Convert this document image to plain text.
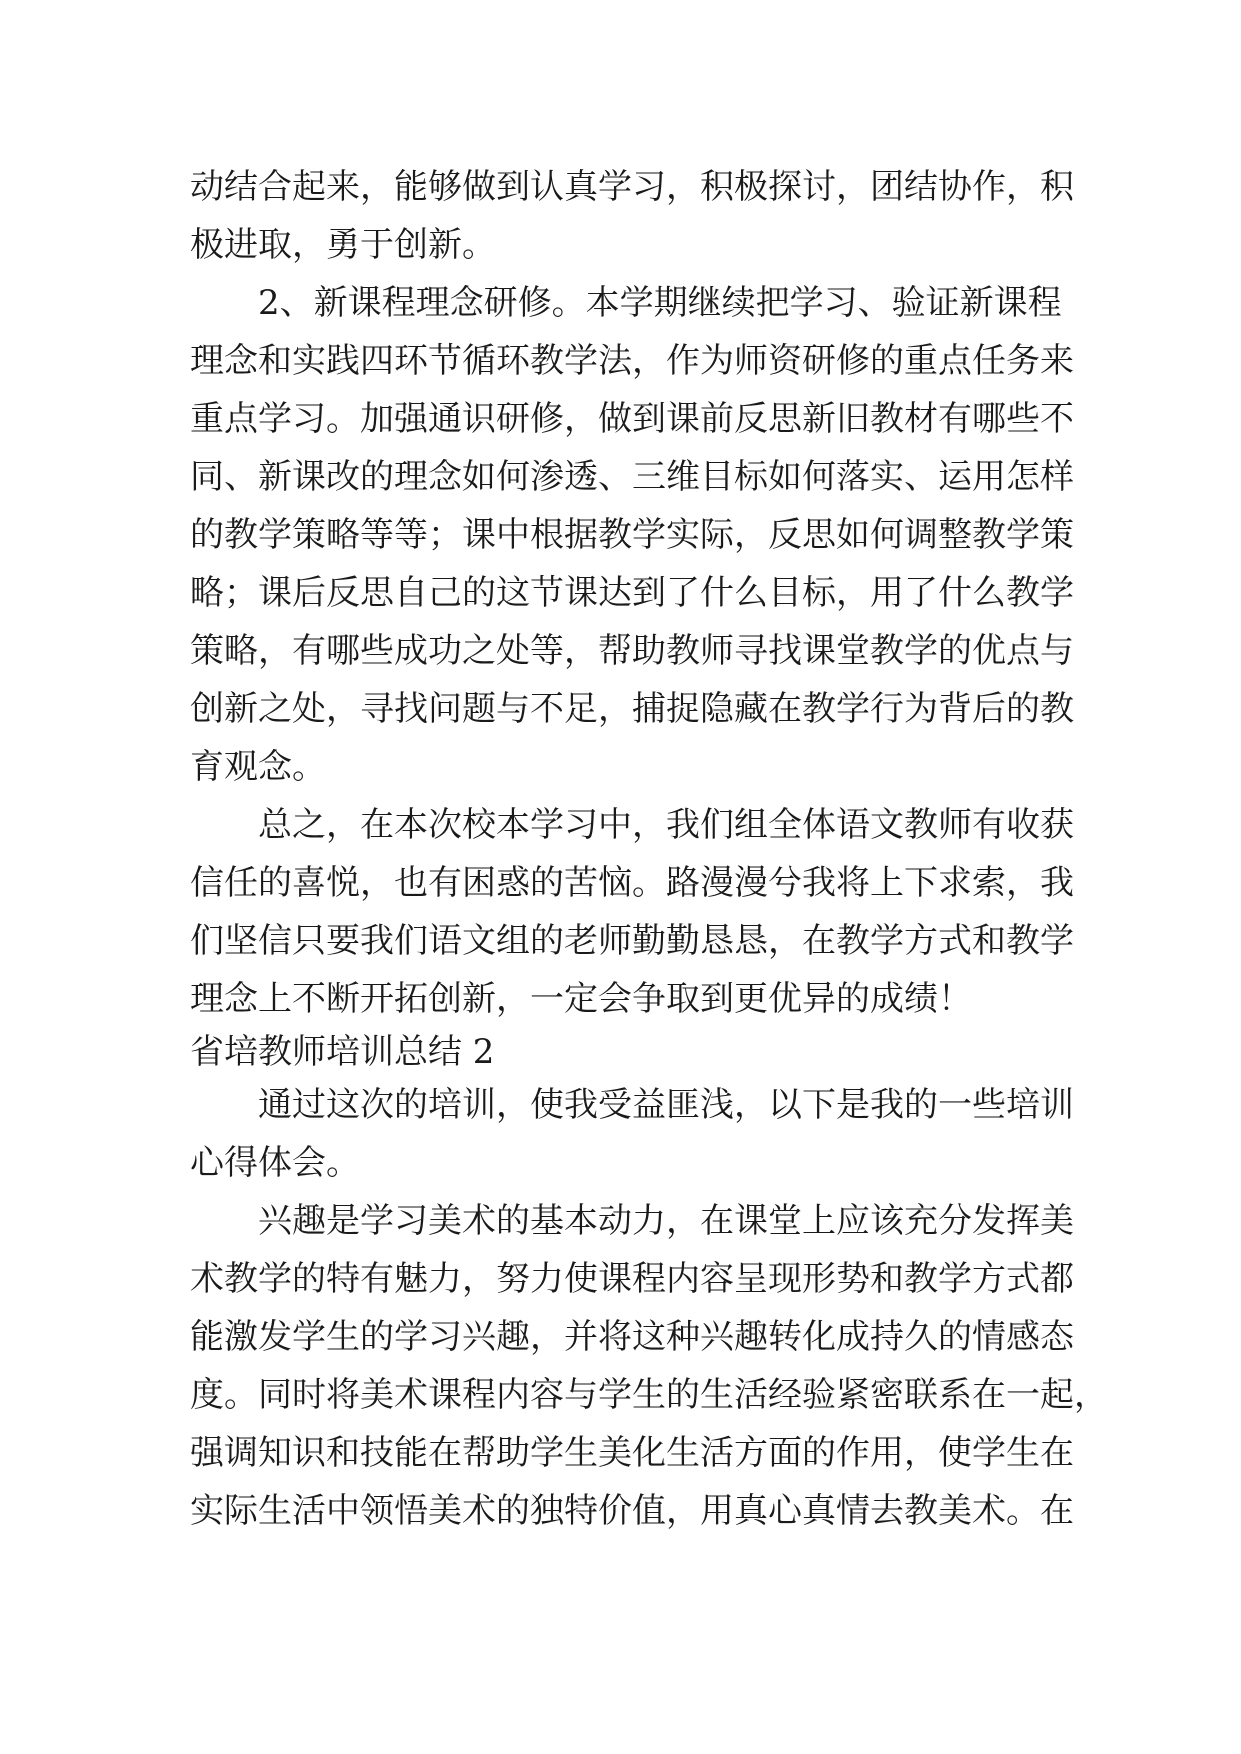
动结合起来，能够做到认真学习，积极探讨，团结协作，积
极进取，勇于创新。
2、新课程理念研修。本学期继续把学习、验证新课程
理念和实践四环节循环教学法，作为师资研修的重点任务来
重点学习。加强通识研修，做到课前反思新旧教材有哪些不
同、新课改的理念如何渗透、三维目标如何落实、运用怎样
的教学策略等等；课中根据教学实际，反思如何调整教学策
略；课后反思自己的这节课达到了什么目标，用了什么教学
策略，有哪些成功之处等，帮助教师寻找课堂教学的优点与
创新之处，寻找问题与不足，捕捉隐藏在教学行为背后的教
育观念。
总之，在本次校本学习中，我们组全体语文教师有收获
信任的喜悦，也有困惑的苦恼。路漫漫兮我将上下求索，我
们坚信只要我们语文组的老师勤勤恳恳，在教学方式和教学
理念上不断开拓创新，一定会争取到更优异的成绩！
省培教师培训总结 2
通过这次的培训，使我受益匪浅，以下是我的一些培训
心得体会。
兴趣是学习美术的基本动力，在课堂上应该充分发挥美
术教学的特有魅力，努力使课程内容呈现形势和教学方式都
能激发学生的学习兴趣，并将这种兴趣转化成持久的情感态
度。同时将美术课程内容与学生的生活经验紧密联系在一起，
强调知识和技能在帮助学生美化生活方面的作用，使学生在
实际生活中领悟美术的独特价值，用真心真情去教美术。在
